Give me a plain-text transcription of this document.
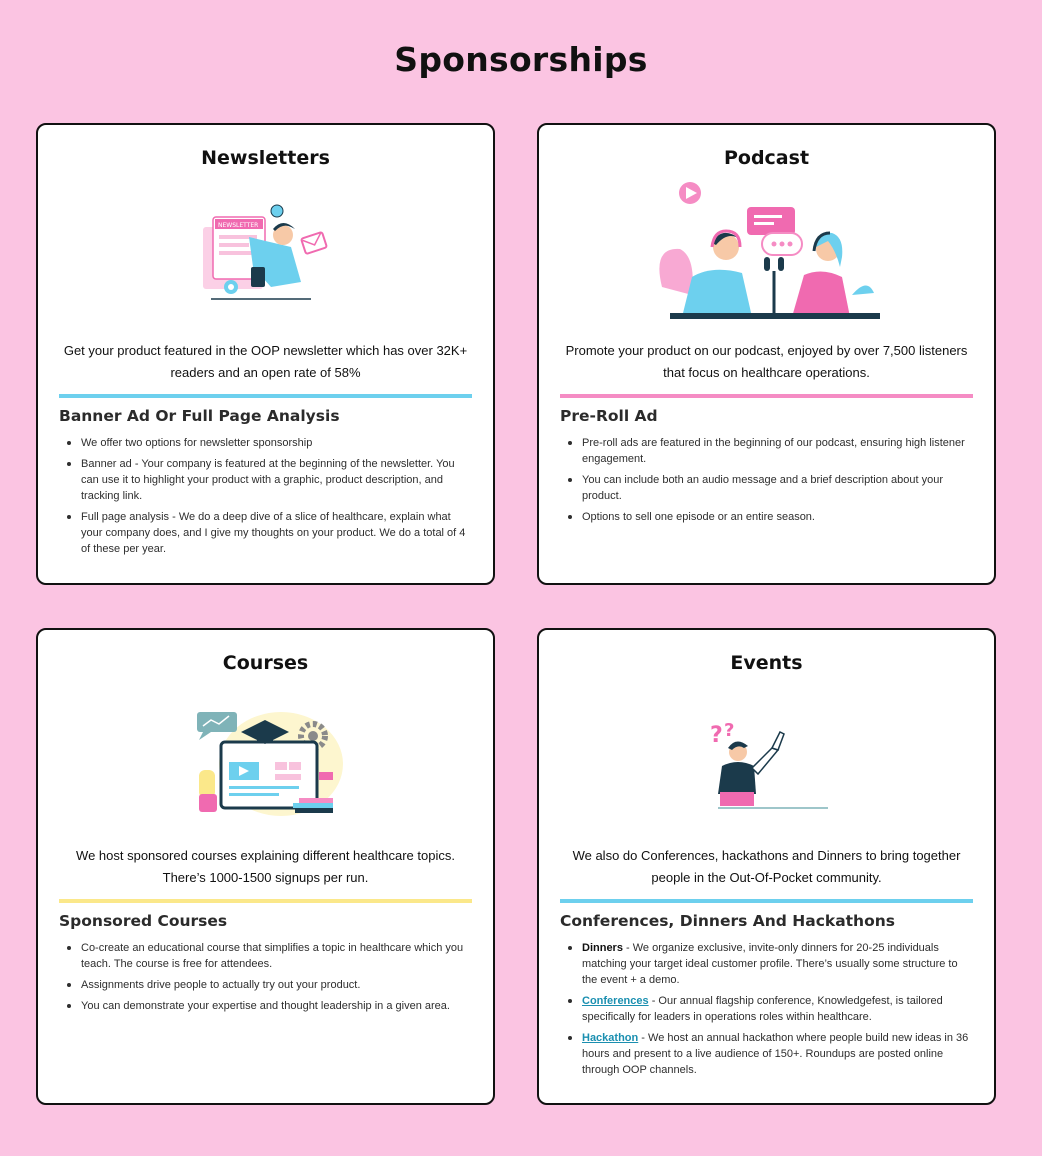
Sponsorships
Newsletters
NEWSLETTER
Get your product featured in the OOP newsletter which has over 32K+ readers and an open rate of 58%
Banner Ad Or Full Page Analysis
We offer two options for newsletter sponsorship
Banner ad - Your company is featured at the beginning of the newsletter. You can use it to highlight your product with a graphic, product description, and tracking link.
Full page analysis - We do a deep dive of a slice of healthcare, explain what your company does, and I give my thoughts on your product. We do a total of 4 of these per year.
Podcast
Promote your product on our podcast, enjoyed by over 7,500 listeners that focus on healthcare operations.
Pre-Roll Ad
Pre-roll ads are featured in the beginning of our podcast, ensuring high listener engagement.
You can include both an audio message and a brief description about your product.
Options to sell one episode or an entire season.
Courses
We host sponsored courses explaining different healthcare topics. There’s 1000-1500 signups per run.
Sponsored Courses
Co-create an educational course that simplifies a topic in healthcare which you teach. The course is free for attendees.
Assignments drive people to actually try out your product.
You can demonstrate your expertise and thought leadership in a given area.
Events
? ?
We also do Conferences, hackathons and Dinners to bring together people in the Out-Of-Pocket community.
Conferences, Dinners And Hackathons
Dinners - We organize exclusive, invite-only dinners for 20-25 individuals matching your target ideal customer profile. There’s usually some structure to the event + a demo.
Conferences - Our annual flagship conference, Knowledgefest, is tailored specifically for leaders in operations roles within healthcare.
Hackathon - We host an annual hackathon where people build new ideas in 36 hours and present to a live audience of 150+. Roundups are posted online through OOP channels.
